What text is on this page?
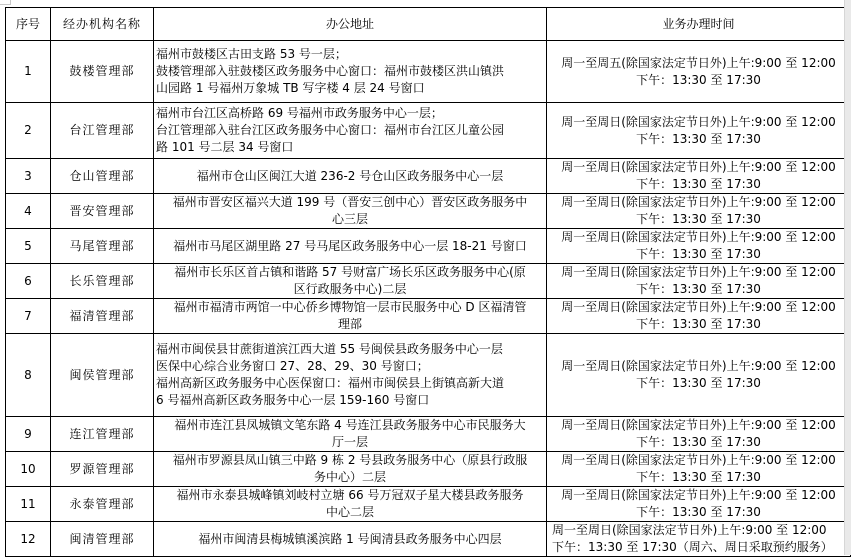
序号	经办机构名称	办公地址	业务办理时间
1	鼓楼管理部	福州市鼓楼区古田支路 53 号一层；
鼓楼管理部入驻鼓楼区政务服务中心窗口：福州市鼓楼区洪山镇洪
山园路 1 号福州万象城 TB 写字楼 4 层 24 号窗口	周一至周五(除国家法定节日外)上午:9:00 至 12:00
下午：13:30 至 17:30

2	台江管理部	福州市台江区高桥路 69 号福州市政务服务中心一层；
台江管理部入驻台江区政务服务中心窗口：福州市台江区儿童公园
路 101 号二层 34 号窗口	周一至周日(除国家法定节日外)上午:9:00 至 12:00
下午：13:30 至 17:30

3	仓山管理部	福州市仓山区闽江大道 236-2 号仓山区政务服务中心一层	周一至周日(除国家法定节日外)上午:9:00 至 12:00
下午：13:30 至 17:30

4	晋安管理部	福州市晋安区福兴大道 199 号（晋安三创中心）晋安区政务服务中
心三层	周一至周日(除国家法定节日外)上午:9:00 至 12:00
下午：13:30 至 17:30

5	马尾管理部	福州市马尾区湖里路 27 号马尾区政务服务中心一层 18-21 号窗口	周一至周日(除国家法定节日外)上午:9:00 至 12:00
下午：13:30 至 17:30

6	长乐管理部	福州市长乐区首占镇和谐路 57 号财富广场长乐区政务服务中心(原
区行政服务中心)二层	周一至周日(除国家法定节日外)上午:9:00 至 12:00
下午：13:30 至 17:30

7	福清管理部	福州市福清市两馆一中心侨乡博物馆一层市民服务中心 D 区福清管
理部	周一至周日(除国家法定节日外)上午:9:00 至 12:00
下午：13:30 至 17:30

8	闽侯管理部	福州市闽侯县甘蔗街道滨江西大道 55 号闽侯县政务服务中心一层
医保中心综合业务窗口 27、28、29、30 号窗口；
福州高新区政务服务中心医保窗口：福州市闽侯县上街镇高新大道
6 号福州高新区政务服务中心一层 159-160 号窗口	周一至周日(除国家法定节日外)上午:9:00 至 12:00
下午：13:30 至 17:30

9	连江管理部	福州市连江县凤城镇文笔东路 4 号连江县政务服务中心市民服务大
厅一层	周一至周日(除国家法定节日外)上午:9:00 至 12:00
下午：13:30 至 17:30

10	罗源管理部	福州市罗源县凤山镇三中路 9 栋 2 号县政务服务中心（原县行政服
务中心）二层	周一至周日(除国家法定节日外)上午:9:00 至 12:00
下午：13:30 至 17:30

11	永泰管理部	福州市永泰县城峰镇刘岐村立塘 66 号万冠双子星大楼县政务服务
中心二层	周一至周日(除国家法定节日外)上午:9:00 至 12:00
下午：13:30 至 17:30

12	闽清管理部	福州市闽清县梅城镇溪滨路 1 号闽清县政务服务中心四层	周一至周日(除国家法定节日外)上午:9:00 至 12:00
下午：13:30 至 17:30（周六、周日采取预约服务）
